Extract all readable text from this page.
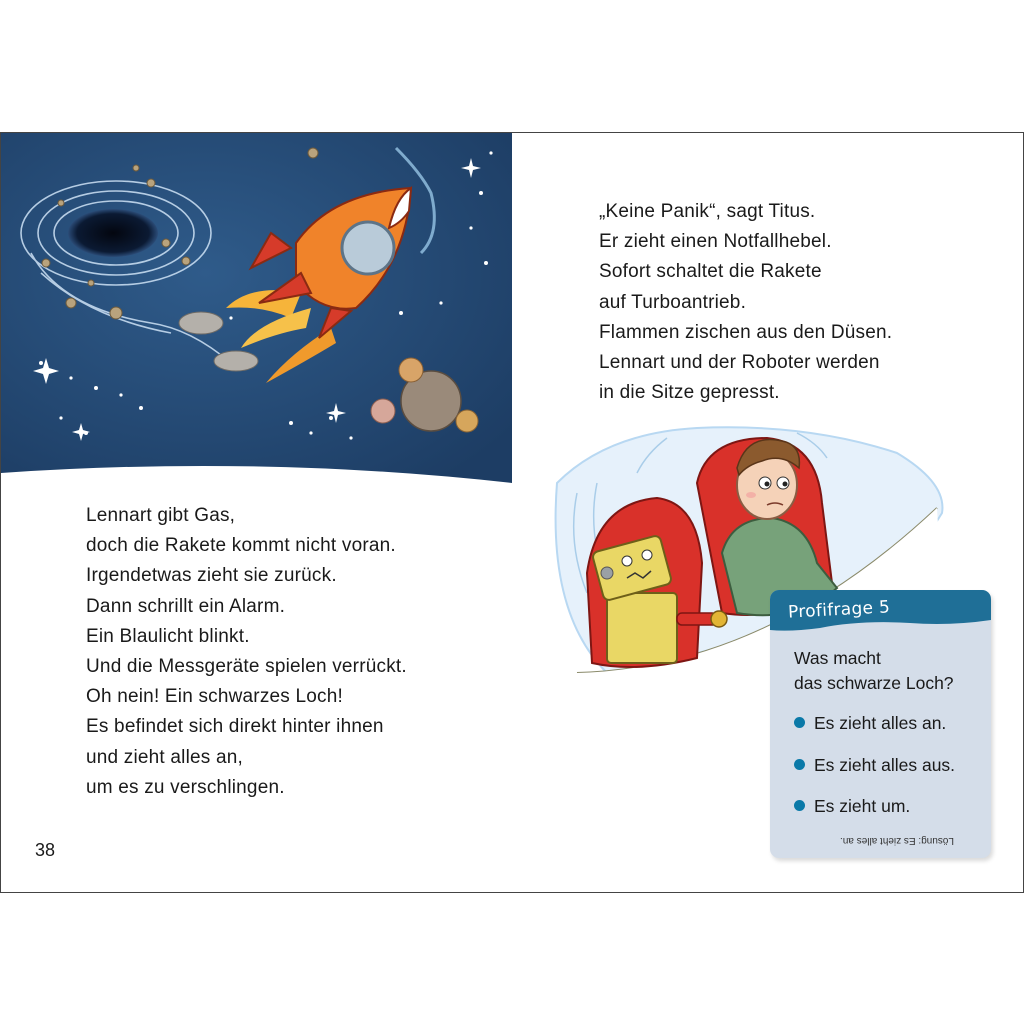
Lennart gibt Gas,
doch die Rakete kommt nicht voran.
Irgendetwas zieht sie zurück.
Dann schrillt ein Alarm.
Ein Blaulicht blinkt.
Und die Messgeräte spielen verrückt.
Oh nein! Ein schwarzes Loch!
Es befindet sich direkt hinter ihnen
und zieht alles an,
um es zu verschlingen.
38
„Keine Panik“, sagt Titus.
Er zieht einen Notfallhebel.
Sofort schaltet die Rakete
auf Turboantrieb.
Flammen zischen aus den Düsen.
Lennart und der Roboter werden
in die Sitze gepresst.
Profifrage 5
Was macht
das schwarze Loch?
Es zieht alles an.
Es zieht alles aus.
Es zieht um.
Lösung: Es zieht alles an.
